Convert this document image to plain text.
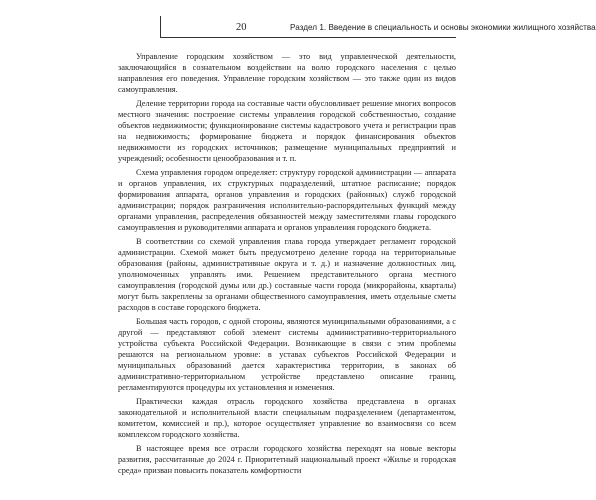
20	Раздел 1. Введение в специальность и основы экономики жилищного хозяйства

Управление городским хозяйством — это вид управленческой деятельности, заключающийся в сознательном воздействии на волю городского населения с целью направления его поведения. Управление городским хозяйством — это также один из видов самоуправления.

Деление территории города на составные части обусловливает решение многих вопросов местного значения: построение системы управления городской собственностью, создание объектов недвижимости; функционирование системы кадастрового учета и регистрации прав на недвижимость; формирование бюджета и порядок финансирования объектов недвижимости из городских источников; размещение муниципальных предприятий и учреждений; особенности ценообразования и т. п.

Схема управления городом определяет: структуру городской администрации — аппарата и органов управления, их структурных подразделений, штатное расписание; порядок формирования аппарата, органов управления и городских (районных) служб городской администрации; порядок разграничения исполнительно-распорядительных функций между органами управления, распределения обязанностей между заместителями главы городского самоуправления и руководителями аппарата и органов управления городского бюджета.

В соответствии со схемой управления глава города утверждает регламент городской администрации. Схемой может быть предусмотрено деление города на территориальные образования (районы, административные округа и т. д.) и назначение должностных лиц, уполномоченных управлять ими. Решением представительного органа местного самоуправления (городской думы или др.) составные части города (микрорайоны, кварталы) могут быть закреплены за органами общественного самоуправления, иметь отдельные сметы расходов в составе городского бюджета.

Большая часть городов, с одной стороны, являются муниципальными образованиями, а с другой — представляют собой элемент системы административно-территориального устройства субъекта Российской Федерации. Возникающие в связи с этим проблемы решаются на региональном уровне: в уставах субъектов Российской Федерации и муниципальных образований дается характеристика территории, в законах об административно-территориальном устройстве представлено описание границ, регламентируются процедуры их установления и изменения.

Практически каждая отрасль городского хозяйства представлена в органах законодательной и исполнительной власти специальным подразделением (департаментом, комитетом, комиссией и пр.), которое осуществляет управление во взаимосвязи со всем комплексом городского хозяйства.

В настоящее время все отрасли городского хозяйства переходят на новые векторы развития, рассчитанные до 2024 г. Приоритетный национальный проект «Жилье и городская среда» призван повысить показатель комфортности
